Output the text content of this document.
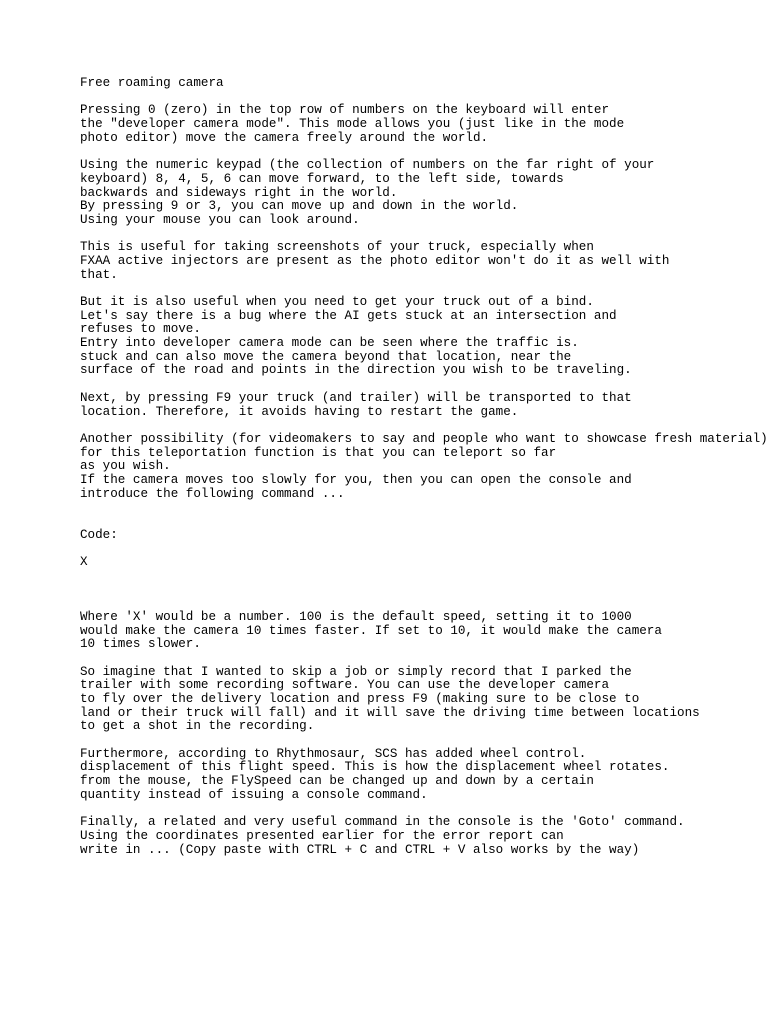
Free roaming camera
Pressing 0 (zero) in the top row of numbers on the keyboard will enter
the "developer camera mode". This mode allows you (just like in the mode
photo editor) move the camera freely around the world.
Using the numeric keypad (the collection of numbers on the far right of your
keyboard) 8, 4, 5, 6 can move forward, to the left side, towards
backwards and sideways right in the world.
By pressing 9 or 3, you can move up and down in the world.
Using your mouse you can look around.
This is useful for taking screenshots of your truck, especially when
FXAA active injectors are present as the photo editor won't do it as well with
that.
But it is also useful when you need to get your truck out of a bind.
Let's say there is a bug where the AI gets stuck at an intersection and
refuses to move.
Entry into developer camera mode can be seen where the traffic is.
stuck and can also move the camera beyond that location, near the
surface of the road and points in the direction you wish to be traveling.
Next, by pressing F9 your truck (and trailer) will be transported to that
location. Therefore, it avoids having to restart the game.
Another possibility (for videomakers to say and people who want to showcase fresh material)
for this teleportation function is that you can teleport so far
as you wish.
If the camera moves too slowly for you, then you can open the console and
introduce the following command ...
Code:
X
Where 'X' would be a number. 100 is the default speed, setting it to 1000
would make the camera 10 times faster. If set to 10, it would make the camera
10 times slower.
So imagine that I wanted to skip a job or simply record that I parked the
trailer with some recording software. You can use the developer camera
to fly over the delivery location and press F9 (making sure to be close to
land or their truck will fall) and it will save the driving time between locations
to get a shot in the recording.
Furthermore, according to Rhythmosaur, SCS has added wheel control.
displacement of this flight speed. This is how the displacement wheel rotates.
from the mouse, the FlySpeed can be changed up and down by a certain
quantity instead of issuing a console command.
Finally, a related and very useful command in the console is the 'Goto' command.
Using the coordinates presented earlier for the error report can
write in ... (Copy paste with CTRL + C and CTRL + V also works by the way)
